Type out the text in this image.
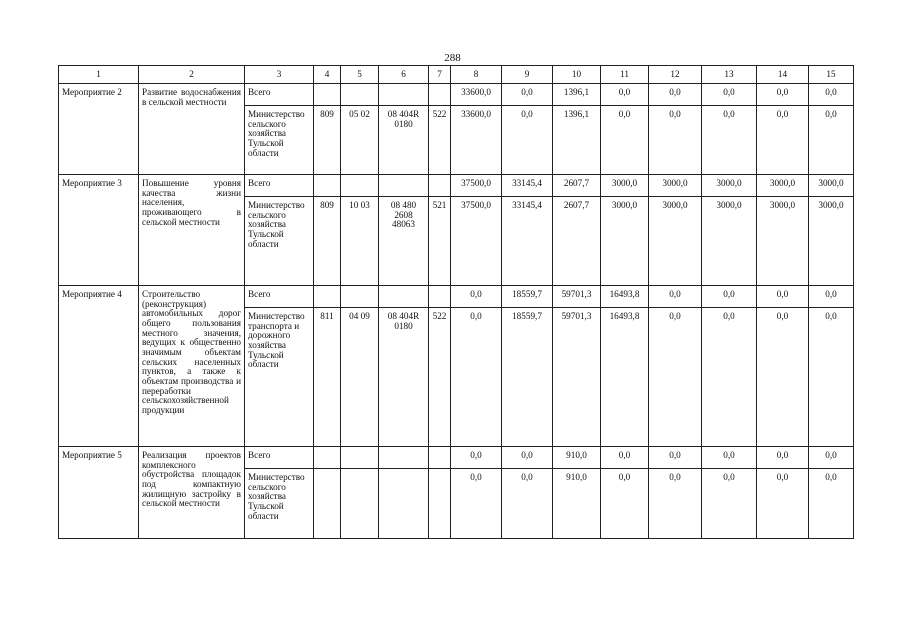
288
1	2	3	4	5	6	7	8	9	10	11	12	13	14	15
Мероприятие 2	Развитие водоснабжения в сельской местности	Всего					33600,0	0,0	1396,1	0,0	0,0	0,0	0,0	0,0
		Министерство сельского хозяйства Тульской области	809	05 02	08 404R 0180	522	33600,0	0,0	1396,1	0,0	0,0	0,0	0,0	0,0
Мероприятие 3	Повышение уровня качества жизни населения, проживающего в сельской местности	Всего					37500,0	33145,4	2607,7	3000,0	3000,0	3000,0	3000,0	3000,0
		Министерство сельского хозяйства Тульской области	809	10 03	08 480 2608 48063	521	37500,0	33145,4	2607,7	3000,0	3000,0	3000,0	3000,0	3000,0
Мероприятие 4	Строительство (реконструкция) автомобильных дорог общего пользования местного значения, ведущих к общественно значимым объектам сельских населенных пунктов, а также к объектам производства и переработки сельскохозяйственной продукции	Всего					0,0	18559,7	59701,3	16493,8	0,0	0,0	0,0	0,0
		Министерство транспорта и дорожного хозяйства Тульской области	811	04 09	08 404R 0180	522	0,0	18559,7	59701,3	16493,8	0,0	0,0	0,0	0,0
Мероприятие 5	Реализация проектов комплексного обустройства площадок под компактную жилищную застройку в сельской местности	Всего					0,0	0,0	910,0	0,0	0,0	0,0	0,0	0,0
		Министерство сельского хозяйства Тульской области					0,0	0,0	910,0	0,0	0,0	0,0	0,0	0,0
